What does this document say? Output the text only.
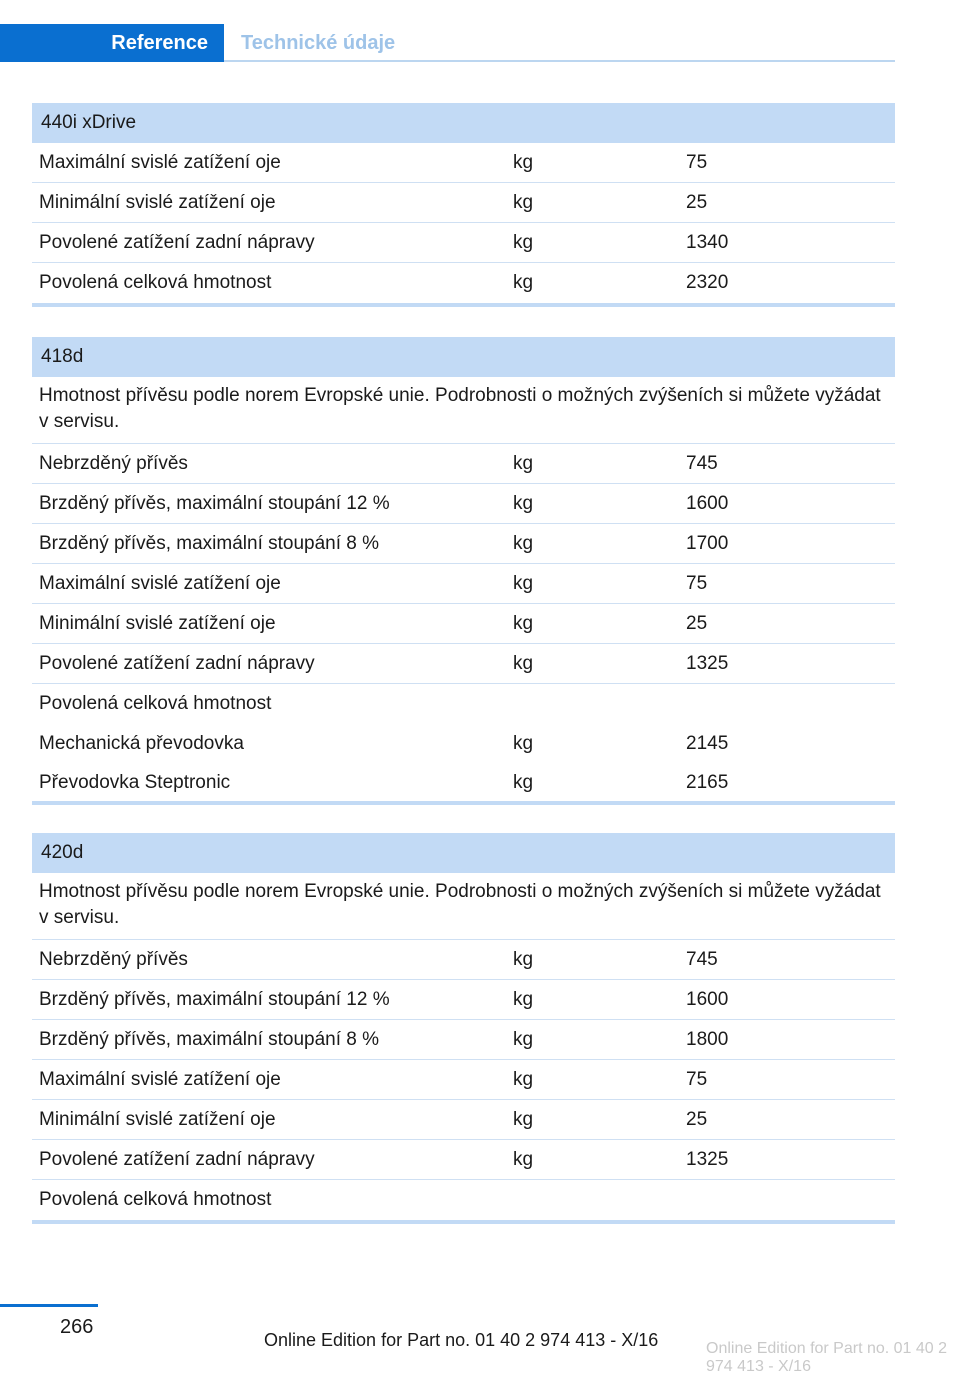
Reference	Technické údaje
440i xDrive
Maximální svislé zatížení oje	kg	75
Minimální svislé zatížení oje	kg	25
Povolené zatížení zadní nápravy	kg	1340
Povolená celková hmotnost	kg	2320
418d
Hmotnost přívěsu podle norem Evropské unie. Podrobnosti o možných zvýšeních si můžete vyžádat v servisu.
Nebrzděný přívěs	kg	745
Brzděný přívěs, maximální stoupání 12 %	kg	1600
Brzděný přívěs, maximální stoupání 8 %	kg	1700
Maximální svislé zatížení oje	kg	75
Minimální svislé zatížení oje	kg	25
Povolené zatížení zadní nápravy	kg	1325
Povolená celková hmotnost
Mechanická převodovka	kg	2145
Převodovka Steptronic	kg	2165
420d
Hmotnost přívěsu podle norem Evropské unie. Podrobnosti o možných zvýšeních si můžete vyžádat v servisu.
Nebrzděný přívěs	kg	745
Brzděný přívěs, maximální stoupání 12 %	kg	1600
Brzděný přívěs, maximální stoupání 8 %	kg	1800
Maximální svislé zatížení oje	kg	75
Minimální svislé zatížení oje	kg	25
Povolené zatížení zadní nápravy	kg	1325
Povolená celková hmotnost
266
Online Edition for Part no. 01 40 2 974 413 - X/16	Online Edition for Part no. 01 40 2 974 413 - X/16
